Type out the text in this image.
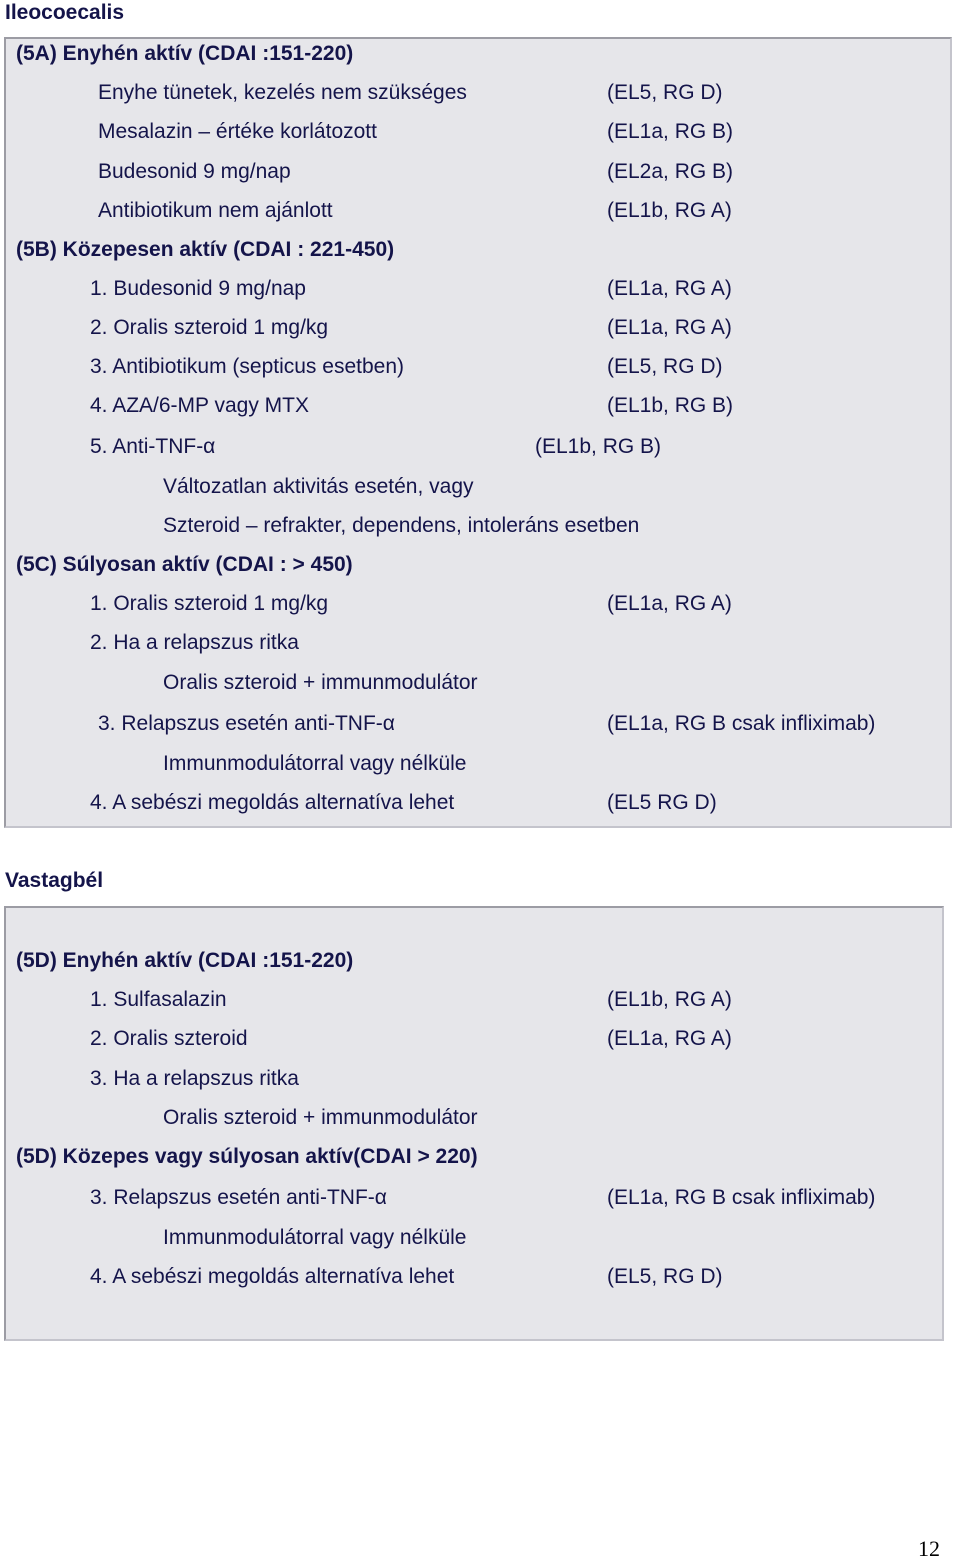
Ileocoecalis
(5A) Enyhén aktív (CDAI :151-220)
Enyhe tünetek, kezelés nem szükséges	(EL5, RG D)
Mesalazin – értéke korlátozott	(EL1a, RG B)
Budesonid 9 mg/nap	(EL2a, RG B)
Antibiotikum nem ajánlott	(EL1b, RG A)
(5B) Közepesen aktív (CDAI : 221-450)
1. Budesonid 9 mg/nap	(EL1a, RG A)
2. Oralis szteroid 1 mg/kg	(EL1a, RG A)
3. Antibiotikum (septicus esetben)	(EL5, RG D)
4. AZA/6-MP vagy MTX	(EL1b, RG B)
5. Anti-TNF-α	(EL1b, RG B)
Változatlan aktivitás esetén, vagy
Szteroid – refrakter, dependens, intoleráns esetben
(5C) Súlyosan aktív (CDAI : > 450)
1. Oralis szteroid 1 mg/kg	(EL1a, RG A)
2. Ha a relapszus ritka
Oralis szteroid + immunmodulátor
3. Relapszus esetén anti-TNF-α	(EL1a, RG B csak infliximab)
Immunmodulátorral vagy nélküle
4. A sebészi megoldás alternatíva lehet	(EL5 RG D)
Vastagbél
(5D) Enyhén aktív (CDAI :151-220)
1. Sulfasalazin	(EL1b, RG A)
2. Oralis szteroid	(EL1a, RG A)
3. Ha a relapszus ritka
Oralis szteroid + immunmodulátor
(5D) Közepes vagy súlyosan aktív(CDAI > 220)
3. Relapszus esetén anti-TNF-α	(EL1a, RG B csak infliximab)
Immunmodulátorral vagy nélküle
4. A sebészi megoldás alternatíva lehet	(EL5, RG D)
12
